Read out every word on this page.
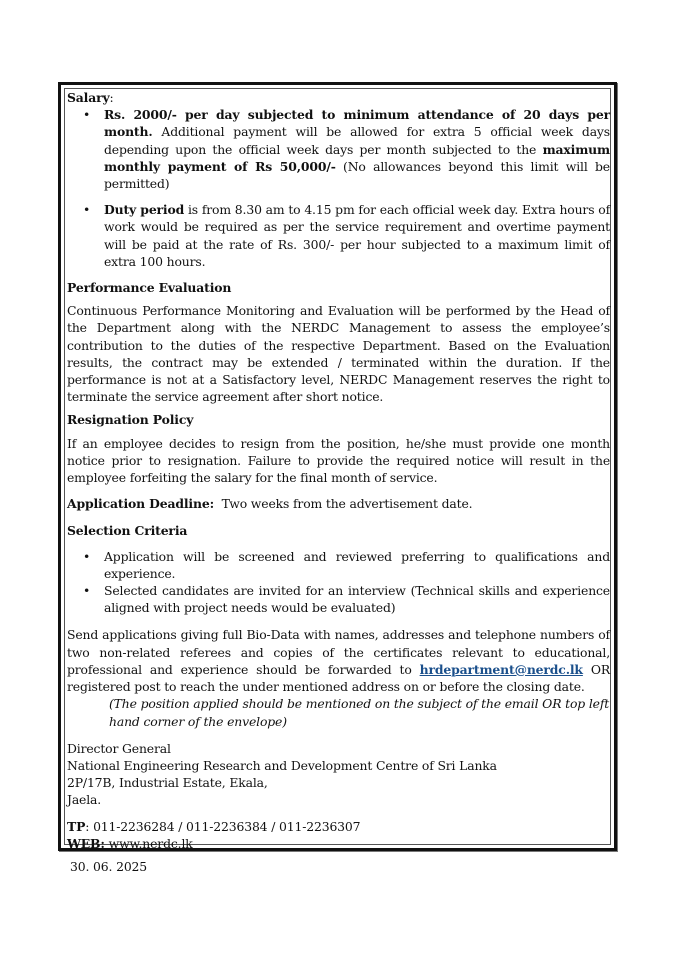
Salary:

• Rs. 2000/- per day subjected to minimum attendance of 20 days per month. Additional payment will be allowed for extra 5 official week days depending upon the official week days per month subjected to the maximum monthly payment of Rs 50,000/- (No allowances beyond this limit will be permitted)
• Duty period is from 8.30 am to 4.15 pm for each official week day. Extra hours of work would be required as per the service requirement and overtime payment will be paid at the rate of Rs. 300/- per hour subjected to a maximum limit of extra 100 hours.

Performance Evaluation

Continuous Performance Monitoring and Evaluation will be performed by the Head of the Department along with the NERDC Management to assess the employee’s contribution to the duties of the respective Department. Based on the Evaluation results, the contract may be extended / terminated within the duration. If the performance is not at a Satisfactory level, NERDC Management reserves the right to terminate the service agreement after short notice.

Resignation Policy

If an employee decides to resign from the position, he/she must provide one month notice prior to resignation. Failure to provide the required notice will result in the employee forfeiting the salary for the final month of service.

Application Deadline:  Two weeks from the advertisement date.

Selection Criteria

• Application will be screened and reviewed preferring to qualifications and experience.
• Selected candidates are invited for an interview (Technical skills and experience aligned with project needs would be evaluated)

Send applications giving full Bio-Data with names, addresses and telephone numbers of two non-related referees and copies of the certificates relevant to educational, professional and experience should be forwarded to hrdepartment@nerdc.lk OR registered post to reach the under mentioned address on or before the closing date.

(The position applied should be mentioned on the subject of the email OR top left hand corner of the envelope)

Director General

National Engineering Research and Development Centre of Sri Lanka

2P/17B, Industrial Estate, Ekala,

Jaela.

TP: 011-2236284 / 011-2236384 / 011-2236307

WEB: www.nerdc.lk

30. 06. 2025
